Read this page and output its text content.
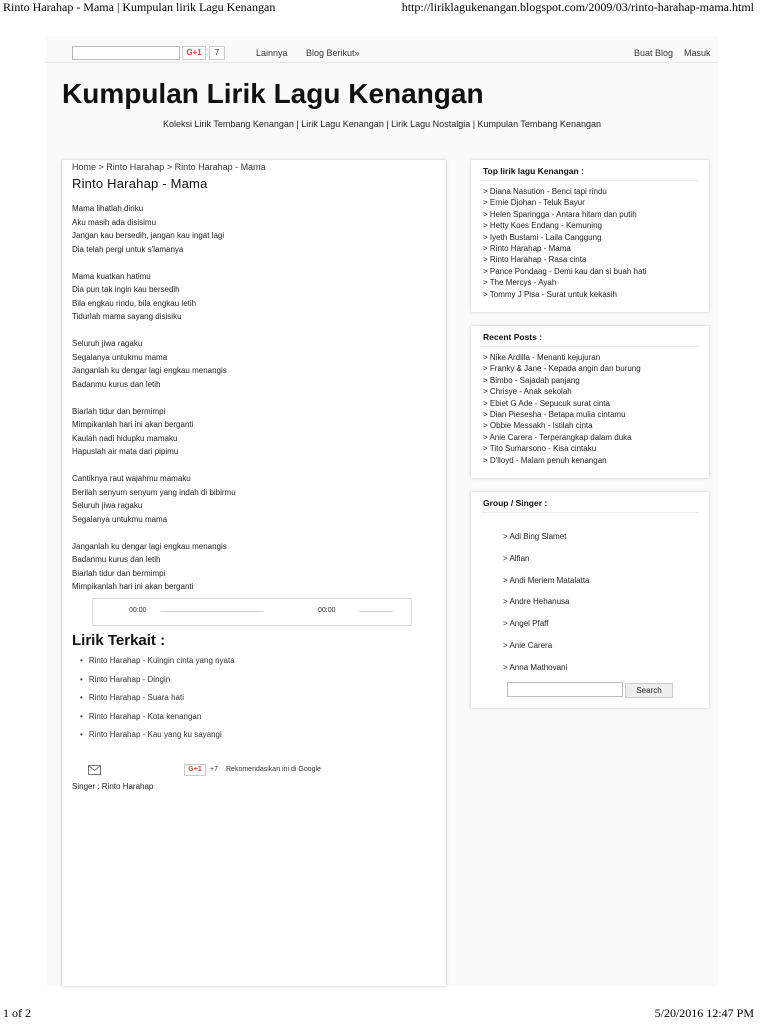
Rinto Harahap - Mama | Kumpulan lirik Lagu Kenangan	http://liriklagukenangan.blogspot.com/2009/03/rinto-harahap-mama.html
G+1	7	Lainnya Blog Berikut»	Buat Blog Masuk
Kumpulan Lirik Lagu Kenangan
Koleksi Lirik Tembang Kenangan | Lirik Lagu Kenangan | Lirik Lagu Nostalgia | Kumpulan Tembang Kenangan
Home > Rinto Harahap > Rinto Harahap - Mama
Rinto Harahap - Mama
Mama lihatlah diriku
Aku masih ada disisimu
Jangan kau bersedih, jangan kau ingat lagi
Dia telah pergi untuk s'lamanya
Mama kuatkan hatimu
Dia pun tak ingin kau bersedih
Bila engkau rindu, bila engkau letih
Tidurlah mama sayang disisiku
Seluruh jiwa ragaku
Segalanya untukmu mama
Janganlah ku dengar lagi engkau menangis
Badanmu kurus dan letih
Biarlah tidur dan bermimpi
Mimpikanlah hari ini akan berganti
Kaulah nadi hidupku mamaku
Hapuslah air mata dari pipimu
Cantiknya raut wajahmu mamaku
Berilah senyum senyum yang indah di bibirmu
Seluruh jiwa ragaku
Segalanya untukmu mama
Janganlah ku dengar lagi engkau menangis
Badanmu kurus dan letih
Biarlah tidur dan bermimpi
Mimpikanlah hari ini akan berganti
00:00	00:00
Lirik Terkait :
• Rinto Harahap - Kuingin cinta yang nyata
• Rinto Harahap - Dingin
• Rinto Harahap - Suara hati
• Rinto Harahap - Kota kenangan
• Rinto Harahap - Kau yang ku sayangi
G+1	+7 Rekomendasikan ini di Google
Singer : Rinto Harahap
Top lirik lagu Kenangan :
> Diana Nasution - Benci tapi rindu
> Ernie Djohan - Teluk Bayur
> Helen Sparingga - Antara hitam dan putih
> Hetty Koes Endang - Kemuning
> Iyeth Bustami - Laila Canggung
> Rinto Harahap - Mama
> Rinto Harahap - Rasa cinta
> Pance Pondaag - Demi kau dan si buah hati
> The Mercys - Ayah
> Tommy J Pisa - Surat untuk kekasih
Recent Posts :
> Nike Ardilla - Menanti kejujuran
> Franky & Jane - Kepada angin dan burung
> Bimbo - Sajadah panjang
> Chrisye - Anak sekolah
> Ebiet G Ade - Sepucuk surat cinta
> Dian Piesesha - Betapa mulia cintamu
> Obbie Messakh - Istilah cinta
> Anie Carera - Terperangkap dalam duka
> Tito Sumarsono - Kisa cintaku
> D'lloyd - Malam penuh kenangan
Group / Singer :
> Adi Bing Slamet
> Alfian
> Andi Meriem Matalatta
> Andre Hehanusa
> Angel Pfaff
> Anie Carera
> Anna Mathovani
Search
1 of 2	5/20/2016 12:47 PM
